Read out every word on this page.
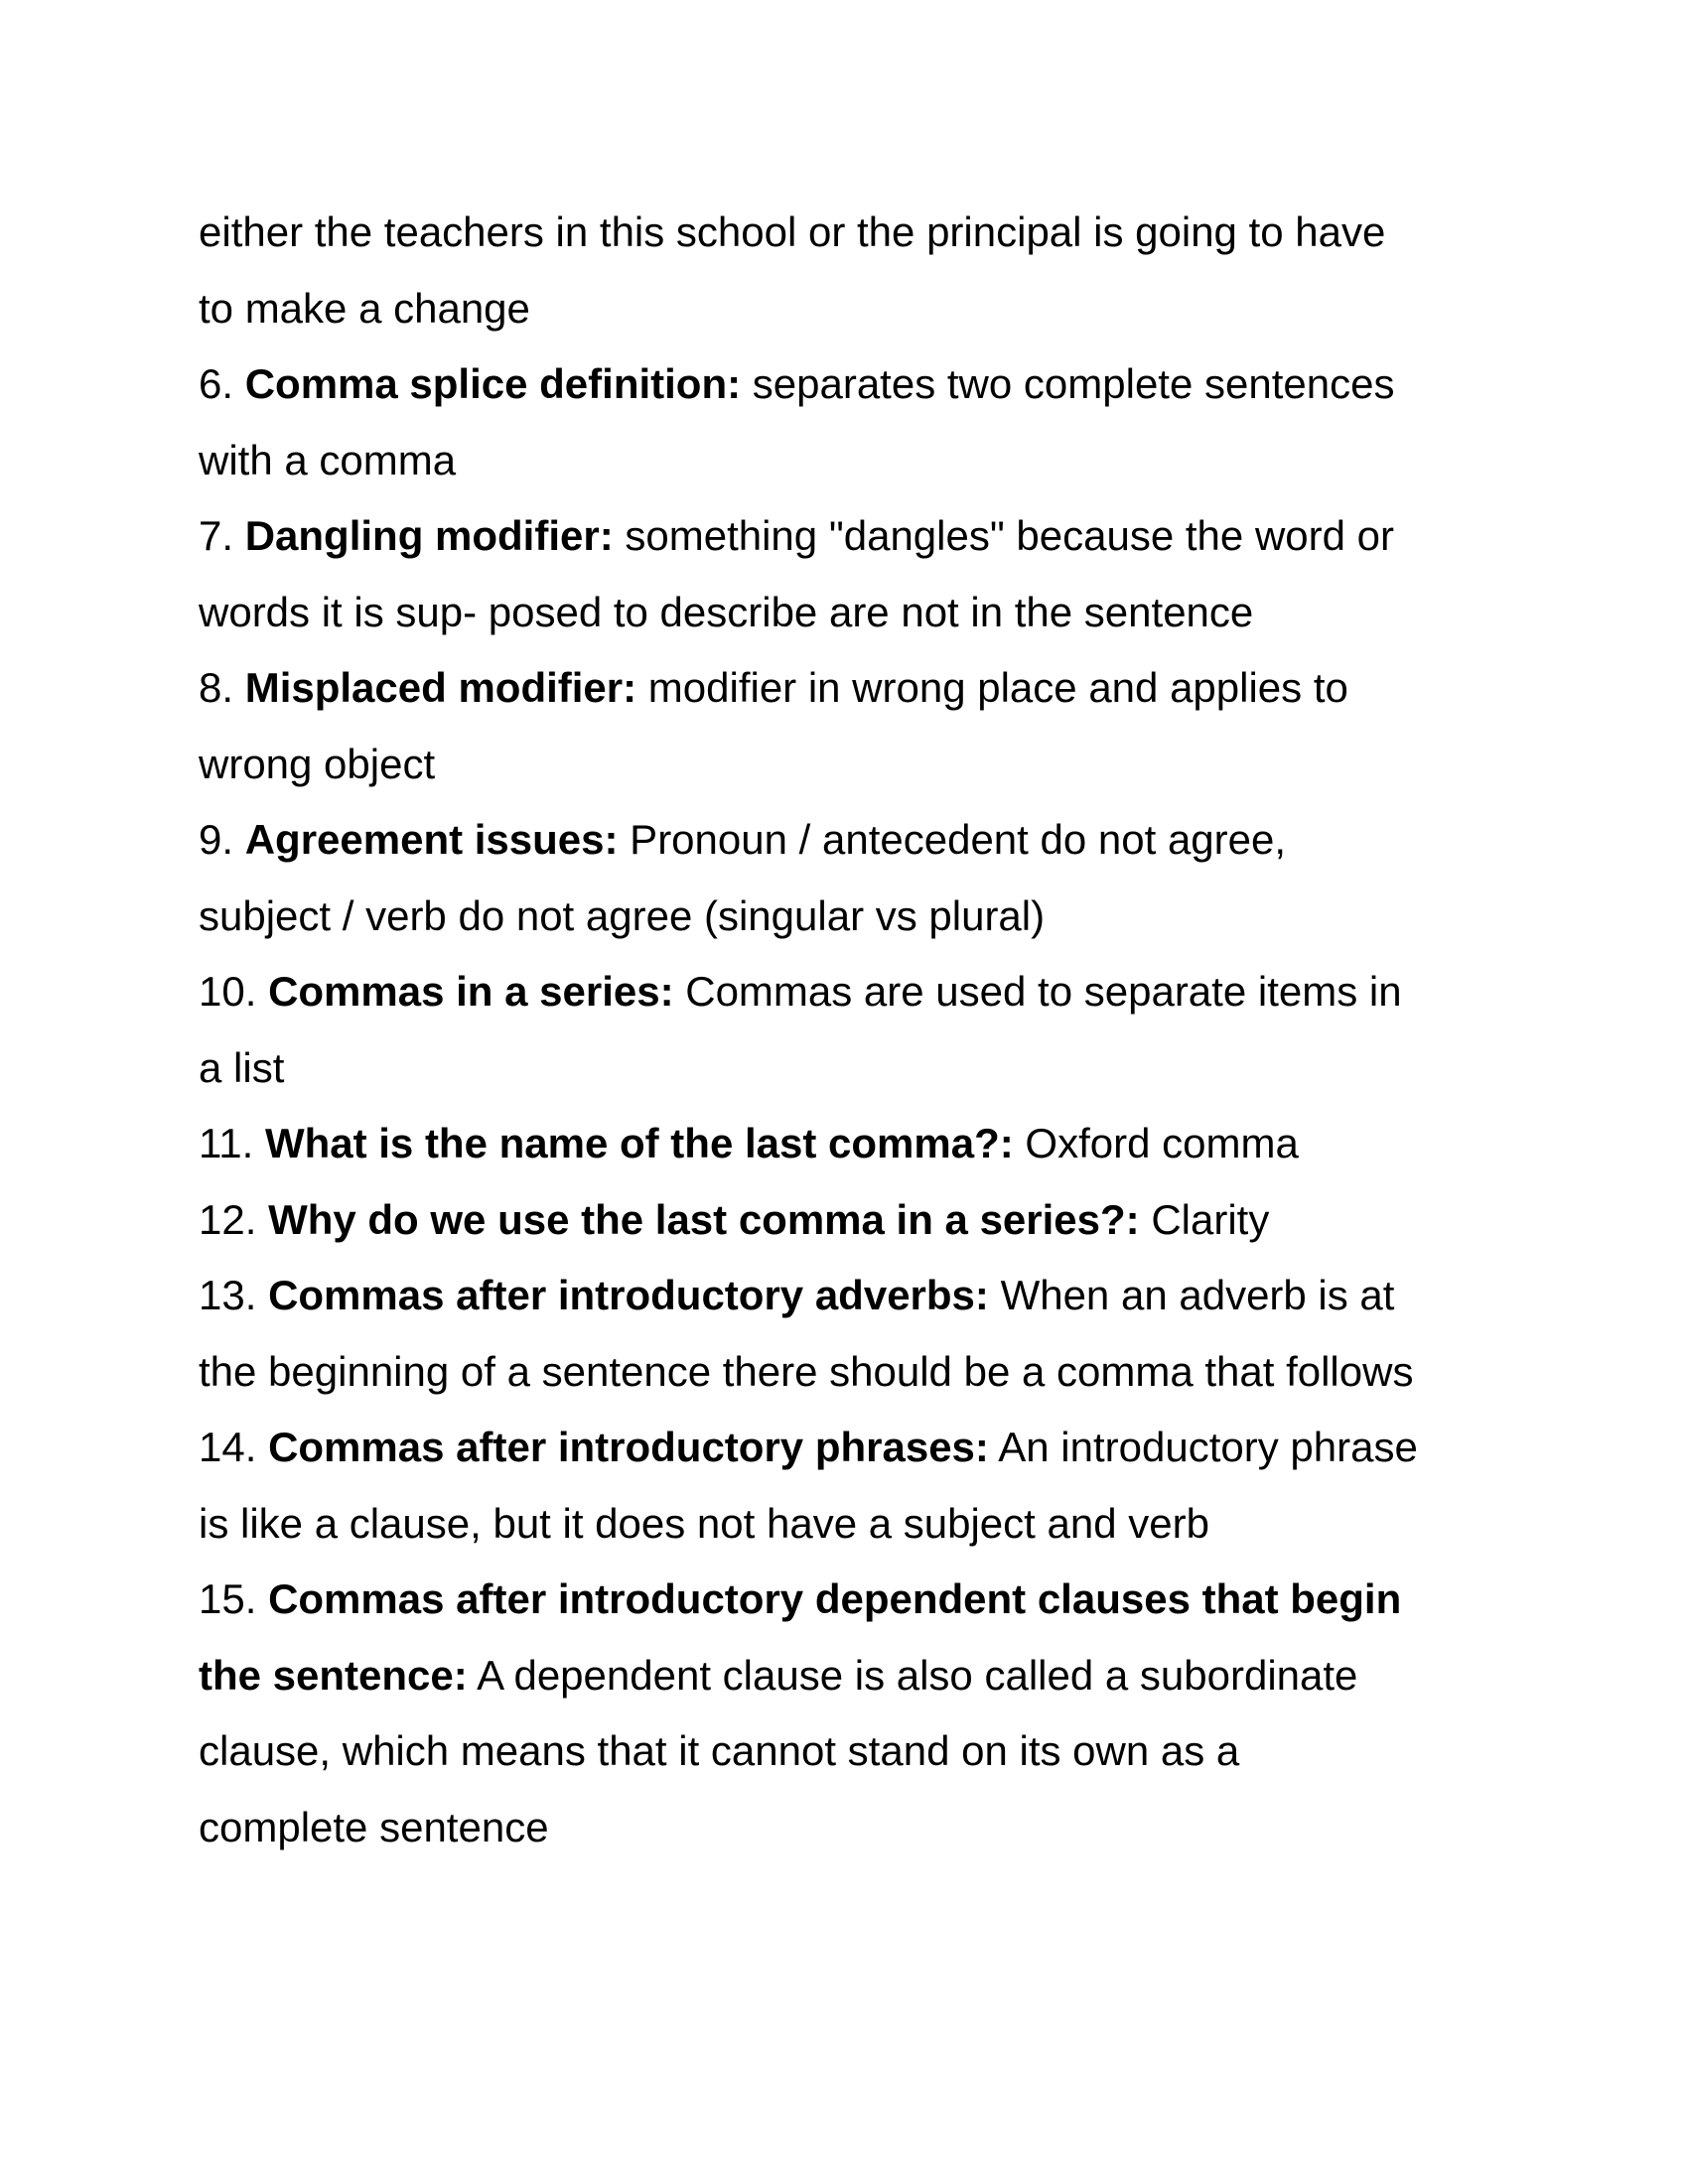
either the teachers in this school or the principal is going to have
to make a change
6. Comma splice definition: separates two complete sentences
with a comma
7. Dangling modifier: something "dangles" because the word or
words it is sup- posed to describe are not in the sentence
8. Misplaced modifier: modifier in wrong place and applies to
wrong object
9. Agreement issues: Pronoun / antecedent do not agree,
subject / verb do not agree (singular vs plural)
10. Commas in a series: Commas are used to separate items in
a list
11. What is the name of the last comma?: Oxford comma
12. Why do we use the last comma in a series?: Clarity
13. Commas after introductory adverbs: When an adverb is at
the beginning of a sentence there should be a comma that follows
14. Commas after introductory phrases: An introductory phrase
is like a clause, but it does not have a subject and verb
15. Commas after introductory dependent clauses that begin
the sentence: A dependent clause is also called a subordinate
clause, which means that it cannot stand on its own as a
complete sentence
